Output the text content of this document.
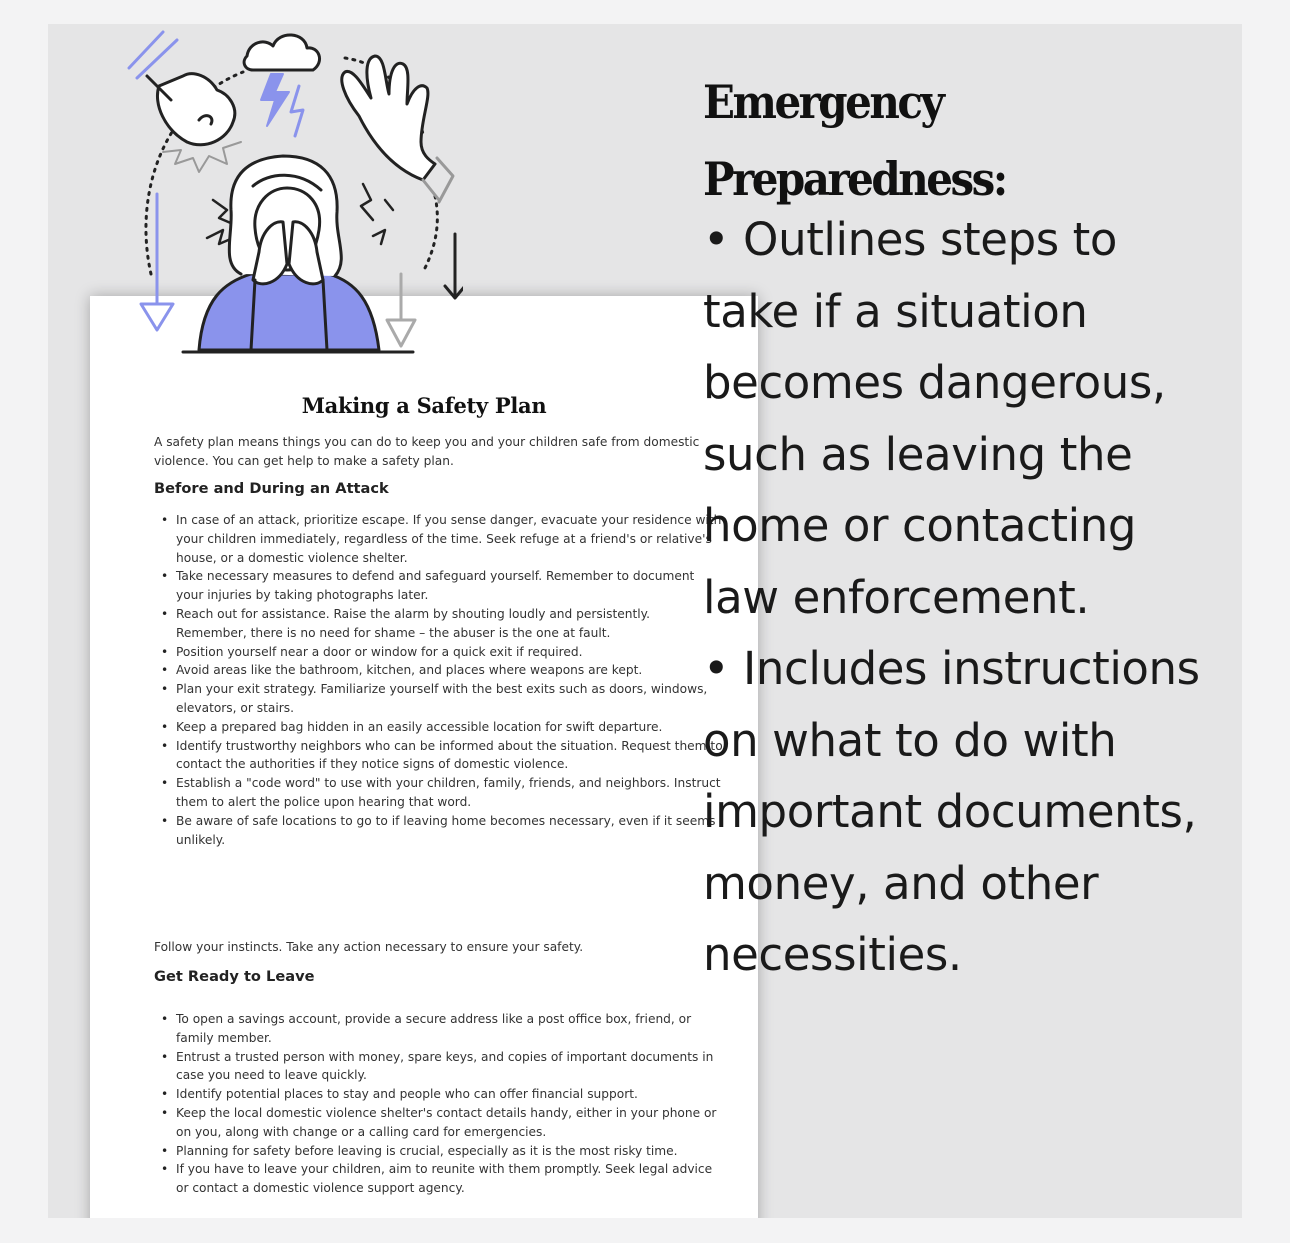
Making a Safety Plan

A safety plan means things you can do to keep you and your children safe from domestic violence. You can get help to make a safety plan.

Before and During an Attack
• In case of an attack, prioritize escape. If you sense danger, evacuate your residence with your children immediately, regardless of the time. Seek refuge at a friend's or relative's house, or a domestic violence shelter.
• Take necessary measures to defend and safeguard yourself. Remember to document your injuries by taking photographs later.
• Reach out for assistance. Raise the alarm by shouting loudly and persistently. Remember, there is no need for shame – the abuser is the one at fault.
• Position yourself near a door or window for a quick exit if required.
• Avoid areas like the bathroom, kitchen, and places where weapons are kept.
• Plan your exit strategy. Familiarize yourself with the best exits such as doors, windows, elevators, or stairs.
• Keep a prepared bag hidden in an easily accessible location for swift departure.
• Identify trustworthy neighbors who can be informed about the situation. Request them to contact the authorities if they notice signs of domestic violence.
• Establish a "code word" to use with your children, family, friends, and neighbors. Instruct them to alert the police upon hearing that word.
• Be aware of safe locations to go to if leaving home becomes necessary, even if it seems unlikely.

Follow your instincts. Take any action necessary to ensure your safety.

Get Ready to Leave
• To open a savings account, provide a secure address like a post office box, friend, or family member.
• Entrust a trusted person with money, spare keys, and copies of important documents in case you need to leave quickly.
• Identify potential places to stay and people who can offer financial support.
• Keep the local domestic violence shelter's contact details handy, either in your phone or on you, along with change or a calling card for emergencies.
• Planning for safety before leaving is crucial, especially as it is the most risky time.
• If you have to leave your children, aim to reunite with them promptly. Seek legal advice or contact a domestic violence support agency.
Emergency Preparedness:

• Outlines steps to take if a situation becomes dangerous, such as leaving the home or contacting law enforcement.

• Includes instructions on what to do with important documents, money, and other necessities.
